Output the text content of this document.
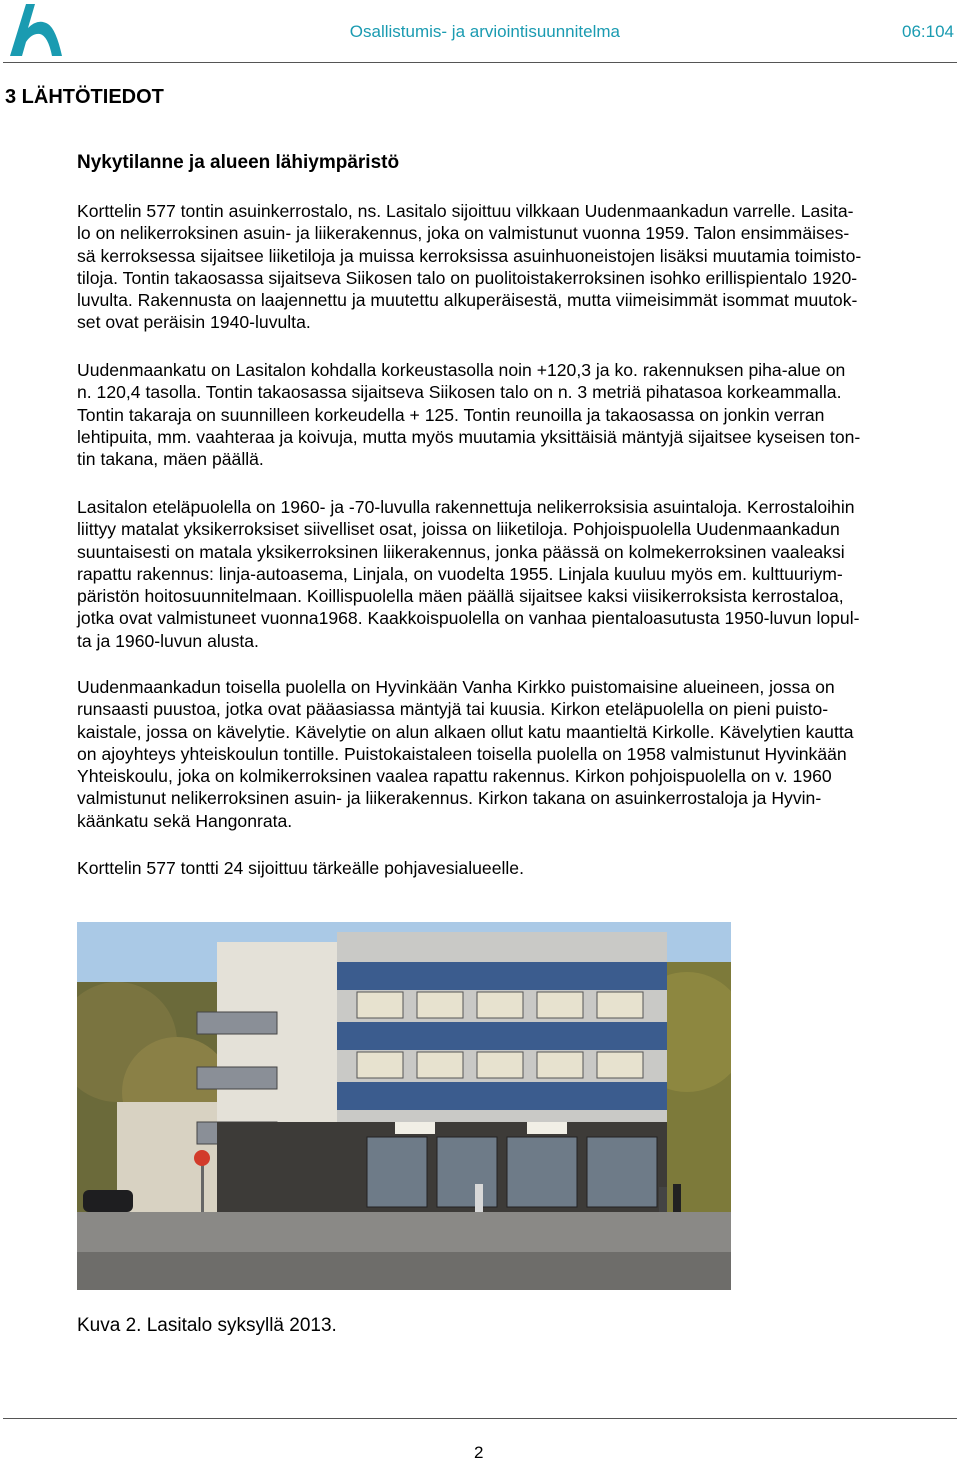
Osallistumis- ja arviointisuunnitelma	06:104
3 LÄHTÖTIEDOT
Nykytilanne ja alueen lähiympäristö

Korttelin 577 tontin asuinkerrostalo, ns. Lasitalo sijoittuu vilkkaan Uudenmaankadun varrelle. Lasita-
lo on nelikerroksinen asuin- ja liikerakennus, joka on valmistunut vuonna 1959. Talon ensimmäises-
sä kerroksessa sijaitsee liiketiloja ja muissa kerroksissa asuinhuoneistojen lisäksi muutamia toimisto-
tiloja. Tontin takaosassa sijaitseva Siikosen talo on puolitoistakerroksinen isohko erillispientalo 1920-
luvulta. Rakennusta on laajennettu ja muutettu alkuperäisestä, mutta viimeisimmät isommat muutok-
set ovat peräisin 1940-luvulta.

Uudenmaankatu on Lasitalon kohdalla korkeustasolla noin +120,3 ja ko. rakennuksen piha-alue on
n. 120,4 tasolla. Tontin takaosassa sijaitseva Siikosen talo on n. 3 metriä pihatasoa korkeammalla.
Tontin takaraja on suunnilleen korkeudella + 125. Tontin reunoilla ja takaosassa on jonkin verran
lehtipuita, mm. vaahteraa ja koivuja, mutta myös muutamia yksittäisiä mäntyjä sijaitsee kyseisen ton-
tin takana, mäen päällä.

Lasitalon eteläpuolella on 1960- ja -70-luvulla rakennettuja nelikerroksisia asuintaloja. Kerrostaloihin
liittyy matalat yksikerroksiset siivelliset osat, joissa on liiketiloja. Pohjoispuolella Uudenmaankadun
suuntaisesti on matala yksikerroksinen liikerakennus, jonka päässä on kolmekerroksinen vaaleaksi
rapattu rakennus: linja-autoasema, Linjala, on vuodelta 1955. Linjala kuuluu myös em. kulttuuriym-
päristön hoitosuunnitelmaan. Koillispuolella mäen päällä sijaitsee kaksi viisikerroksista kerrostaloa,
jotka ovat valmistuneet vuonna1968. Kaakkoispuolella on vanhaa pientaloasutusta 1950-luvun lopul-
ta ja 1960-luvun alusta.

Uudenmaankadun toisella puolella on Hyvinkään Vanha Kirkko puistomaisine alueineen, jossa on
runsaasti puustoa, jotka ovat pääasiassa mäntyjä tai kuusia. Kirkon eteläpuolella on pieni puisto-
kaistale, jossa on kävelytie. Kävelytie on alun alkaen ollut katu maantieltä Kirkolle. Kävelytien kautta
on ajoyhteys yhteiskoulun tontille. Puistokaistaleen toisella puolella on 1958 valmistunut Hyvinkään
Yhteiskoulu, joka on kolmikerroksinen vaalea rapattu rakennus. Kirkon pohjoispuolella on v. 1960
valmistunut nelikerroksinen asuin- ja liikerakennus. Kirkon takana on asuinkerrostaloja ja Hyvin-
käänkatu sekä Hangonrata.

Korttelin 577 tontti 24 sijoittuu tärkeälle pohjavesialueelle.

Kuva 2. Lasitalo syksyllä 2013.

2
